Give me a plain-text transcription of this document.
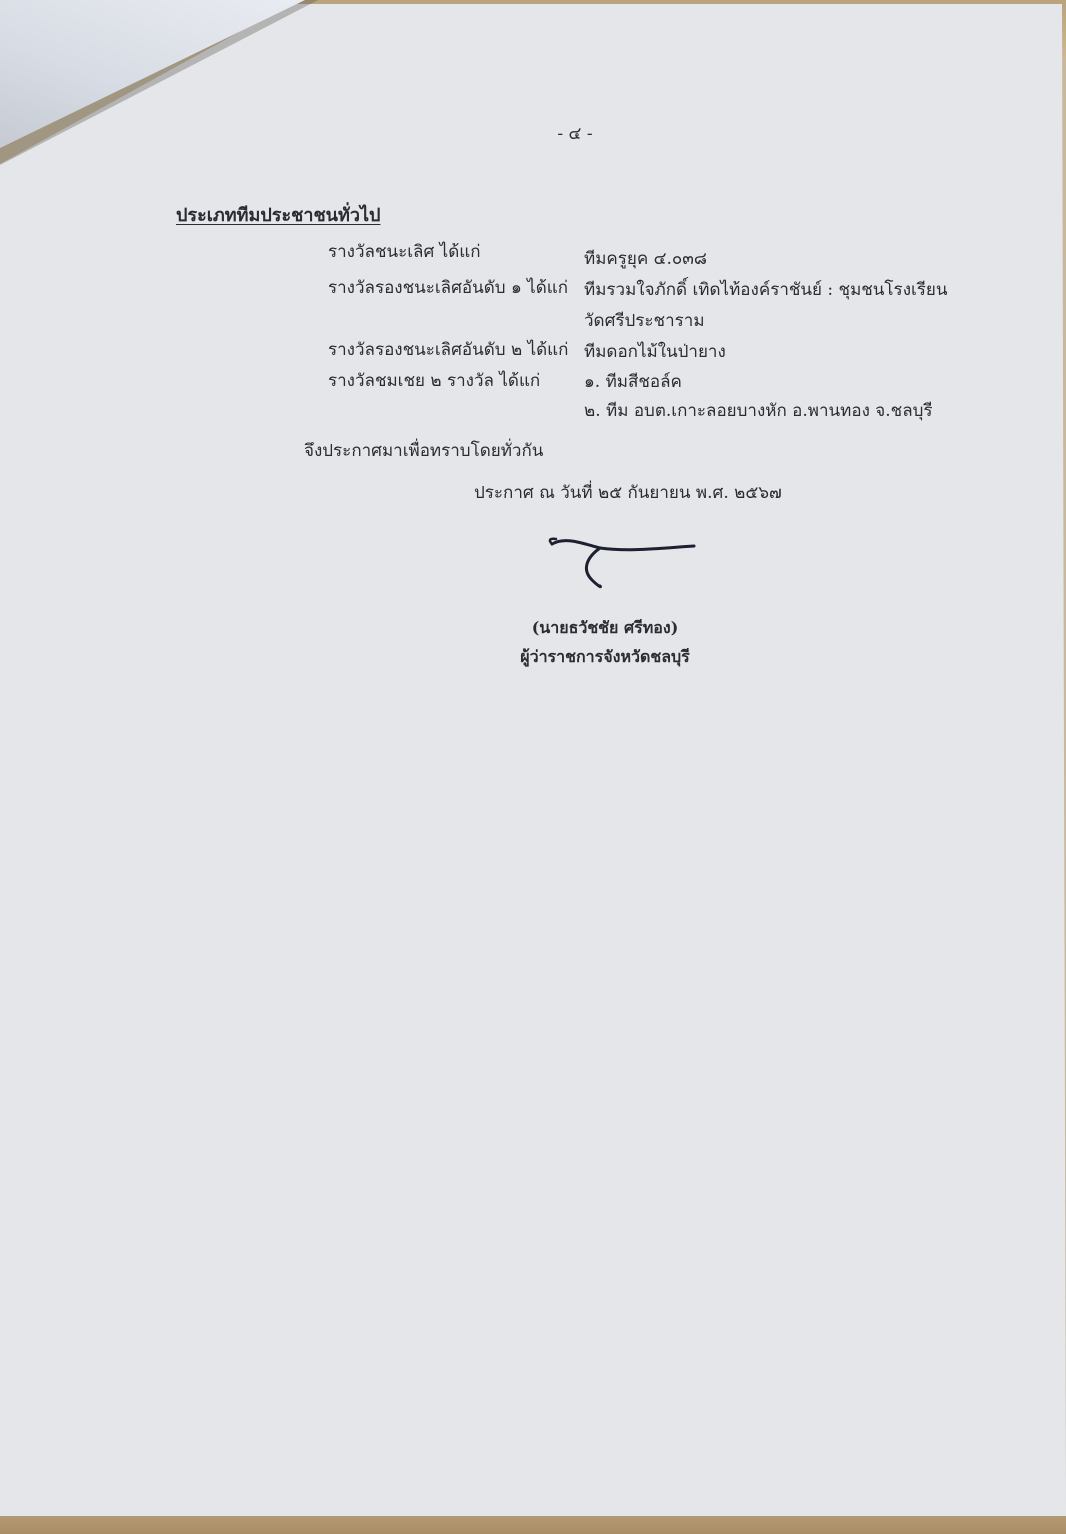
- ๔ -
ประเภททีมประชาชนทั่วไป
รางวัลชนะเลิศ ได้แก่	ทีมครูยุค ๔.๐๓๘
รางวัลรองชนะเลิศอันดับ ๑ ได้แก่ ทีมรวมใจภักดิ์ เทิดไท้องค์ราชันย์ : ชุมชนโรงเรียน
วัดศรีประชาราม
รางวัลรองชนะเลิศอันดับ ๒ ได้แก่ ทีมดอกไม้ในป่ายาง
รางวัลชมเชย ๒ รางวัล ได้แก่	๑. ทีมสีชอล์ค
๒. ทีม อบต.เกาะลอยบางหัก อ.พานทอง จ.ชลบุรี
จึงประกาศมาเพื่อทราบโดยทั่วกัน
ประกาศ ณ วันที่ ๒๕ กันยายน พ.ศ. ๒๕๖๗
(นายธวัชชัย ศรีทอง)
ผู้ว่าราชการจังหวัดชลบุรี
